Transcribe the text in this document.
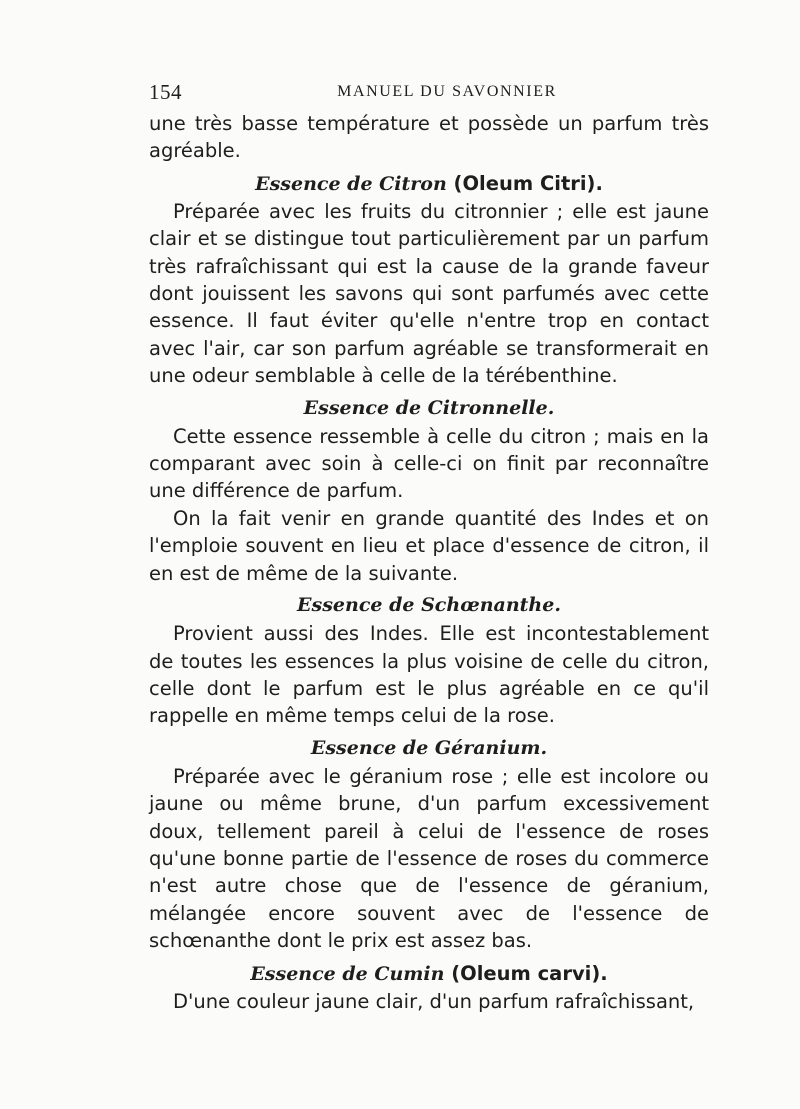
154	MANUEL DU SAVONNIER

une très basse température et possède un parfum très agréable.

Essence de Citron (Oleum Citri).

Préparée avec les fruits du citronnier ; elle est jaune clair et se distingue tout particulièrement par un parfum très rafraîchissant qui est la cause de la grande faveur dont jouissent les savons qui sont parfumés avec cette essence. Il faut éviter qu'elle n'entre trop en contact avec l'air, car son parfum agréable se transformerait en une odeur semblable à celle de la térébenthine.

Essence de Citronnelle.

Cette essence ressemble à celle du citron ; mais en la comparant avec soin à celle-ci on finit par reconnaître une différence de parfum.

On la fait venir en grande quantité des Indes et on l'emploie souvent en lieu et place d'essence de citron, il en est de même de la suivante.

Essence de Schœnanthe.

Provient aussi des Indes. Elle est incontestablement de toutes les essences la plus voisine de celle du citron, celle dont le parfum est le plus agréable en ce qu'il rappelle en même temps celui de la rose.

Essence de Géranium.

Préparée avec le géranium rose ; elle est incolore ou jaune ou même brune, d'un parfum excessivement doux, tellement pareil à celui de l'essence de roses qu'une bonne partie de l'essence de roses du commerce n'est autre chose que de l'essence de géranium, mélangée encore souvent avec de l'essence de schœnanthe dont le prix est assez bas.

Essence de Cumin (Oleum carvi).

D'une couleur jaune clair, d'un parfum rafraîchissant,
